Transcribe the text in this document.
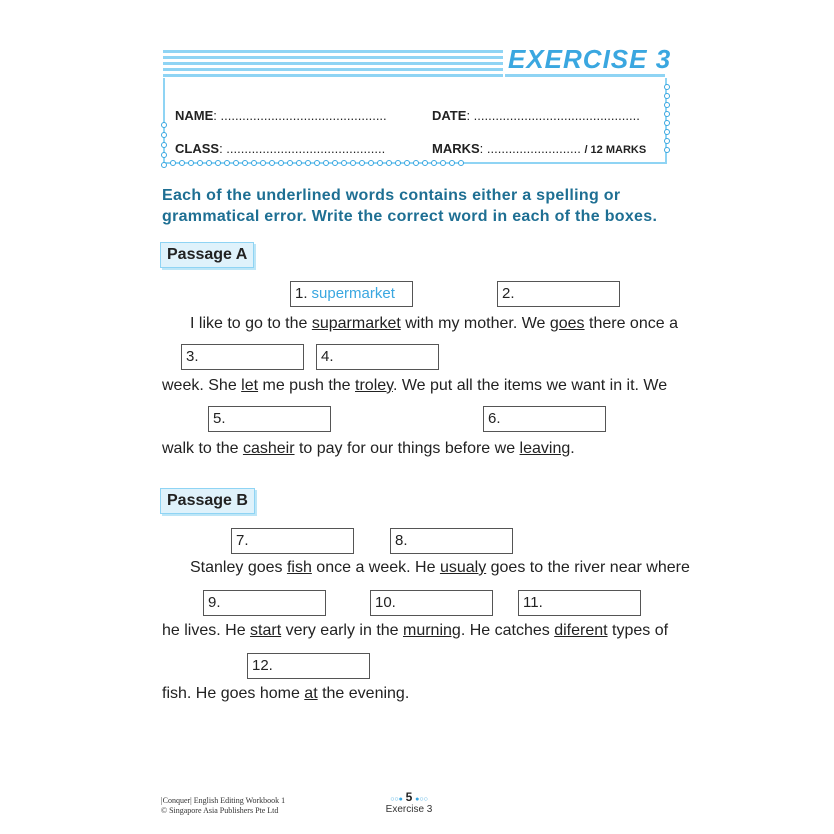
EXERCISE 3
NAME: ..............................................	DATE: ..............................................
CLASS: ............................................	MARKS: .......................... / 12 MARKS
Each of the underlined words contains either a spelling or grammatical error. Write the correct word in each of the boxes.
Passage A
1. supermarket	2.
I like to go to the suparmarket with my mother. We goes there once a
3.	4.
week. She let me push the troley. We put all the items we want in it. We
5.	6.
walk to the casheir to pay for our things before we leaving.
Passage B
7.	8.
Stanley goes fish once a week. He usualy goes to the river near where
9.	10.	11.
he lives. He start very early in the murning. He catches diferent types of
12.
fish. He goes home at the evening.
|Conquer| English Editing Workbook 1
© Singapore Asia Publishers Pte Ltd
○○● 5 ●○○
Exercise 3
